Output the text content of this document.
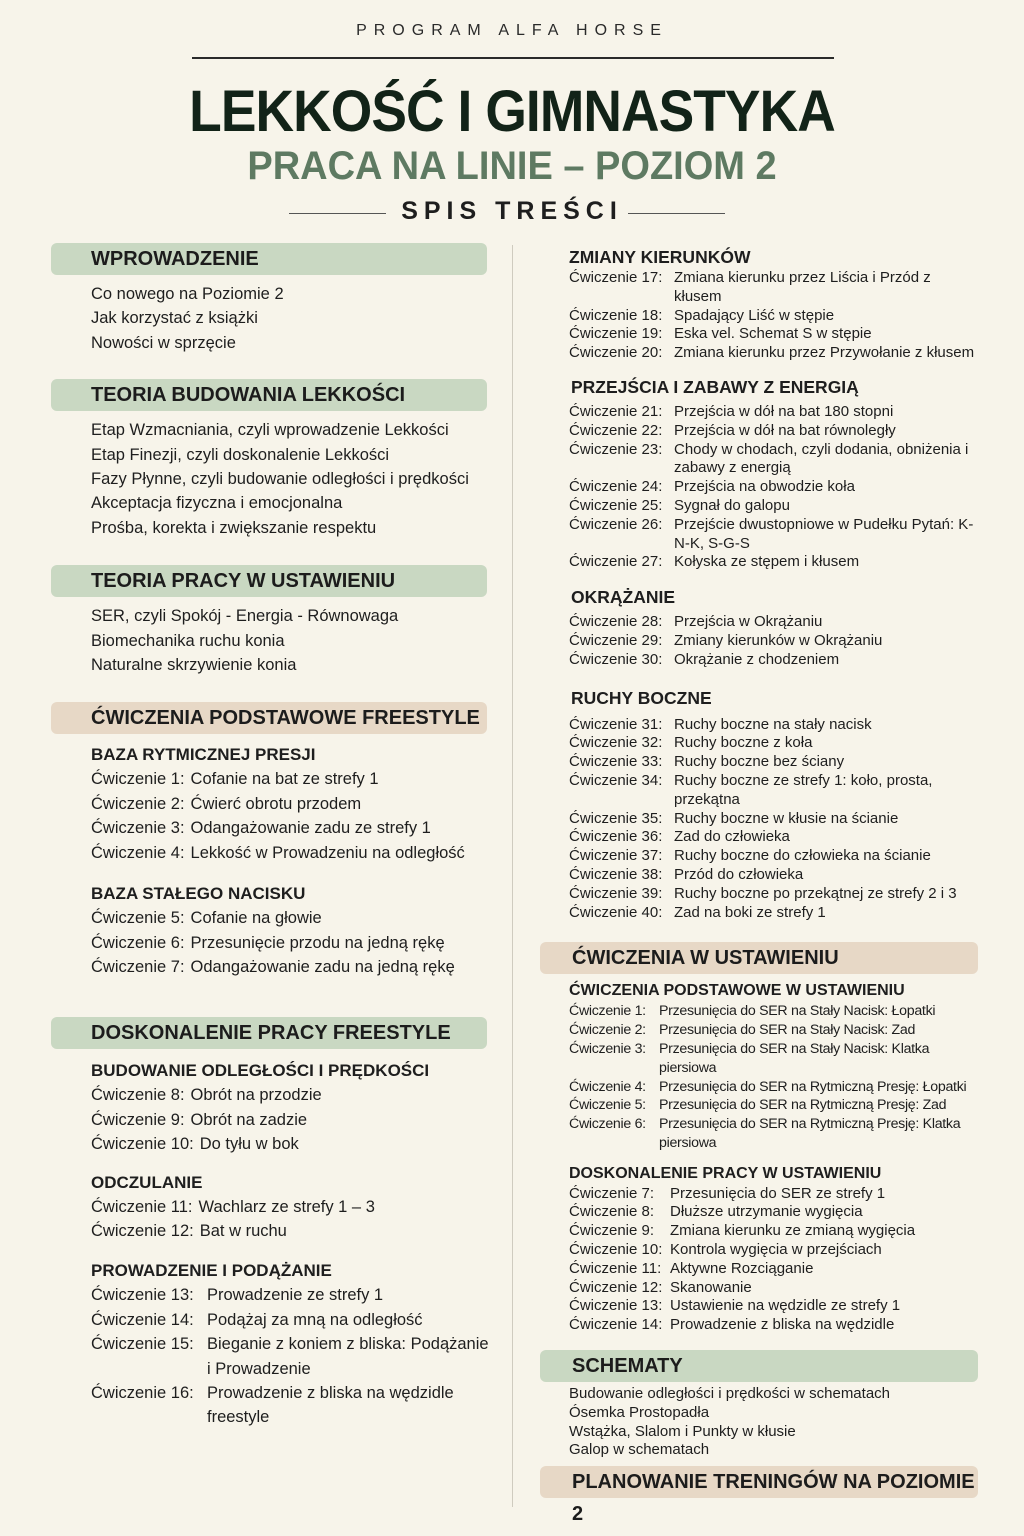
PROGRAM ALFA HORSE
LEKKOŚĆ I GIMNASTYKA
PRACA NA LINIE – POZIOM 2
SPIS TREŚCI
WPROWADZENIE
Co nowego na Poziomie 2
Jak korzystać z książki
Nowości w sprzęcie
TEORIA BUDOWANIA LEKKOŚCI
Etap Wzmacniania, czyli wprowadzenie Lekkości
Etap Finezji, czyli doskonalenie Lekkości
Fazy Płynne, czyli budowanie odległości i prędkości
Akceptacja fizyczna i emocjonalna
Prośba, korekta i zwiększanie respektu
TEORIA PRACY W USTAWIENIU
SER, czyli Spokój - Energia - Równowaga
Biomechanika ruchu konia
Naturalne skrzywienie konia
ĆWICZENIA PODSTAWOWE FREESTYLE
BAZA RYTMICZNEJ PRESJI
Ćwiczenie 1: Cofanie na bat ze strefy 1
Ćwiczenie 2: Ćwierć obrotu przodem
Ćwiczenie 3: Odangażowanie zadu ze strefy 1
Ćwiczenie 4: Lekkość w Prowadzeniu na odległość
BAZA STAŁEGO NACISKU
Ćwiczenie 5: Cofanie na głowie
Ćwiczenie 6: Przesunięcie przodu na jedną rękę
Ćwiczenie 7: Odangażowanie zadu na jedną rękę
DOSKONALENIE PRACY FREESTYLE
BUDOWANIE ODLEGŁOŚCI I PRĘDKOŚCI
Ćwiczenie 8: Obrót na przodzie
Ćwiczenie 9: Obrót na zadzie
Ćwiczenie 10: Do tyłu w bok
ODCZULANIE
Ćwiczenie 11: Wachlarz ze strefy 1 – 3
Ćwiczenie 12: Bat w ruchu
PROWADZENIE I PODĄŻANIE
Ćwiczenie 13: Prowadzenie ze strefy 1
Ćwiczenie 14: Podążaj za mną na odległość
Ćwiczenie 15: Bieganie z koniem z bliska: Podążanie i Prowadzenie
Ćwiczenie 16: Prowadzenie z bliska na wędzidle freestyle
ZMIANY KIERUNKÓW
Ćwiczenie 17: Zmiana kierunku przez Liścia i Przód z kłusem
Ćwiczenie 18: Spadający Liść w stępie
Ćwiczenie 19: Eska vel. Schemat S w stępie
Ćwiczenie 20: Zmiana kierunku przez Przywołanie z kłusem
PRZEJŚCIA I ZABAWY Z ENERGIĄ
Ćwiczenie 21: Przejścia w dół na bat 180 stopni
Ćwiczenie 22: Przejścia w dół na bat równoległy
Ćwiczenie 23: Chody w chodach, czyli dodania, obniżenia i zabawy z energią
Ćwiczenie 24: Przejścia na obwodzie koła
Ćwiczenie 25: Sygnał do galopu
Ćwiczenie 26: Przejście dwustopniowe w Pudełku Pytań: K-N-K, S-G-S
Ćwiczenie 27: Kołyska ze stępem i kłusem
OKRĄŻANIE
Ćwiczenie 28: Przejścia w Okrążaniu
Ćwiczenie 29: Zmiany kierunków w Okrążaniu
Ćwiczenie 30: Okrążanie z chodzeniem
RUCHY BOCZNE
Ćwiczenie 31: Ruchy boczne na stały nacisk
Ćwiczenie 32: Ruchy boczne z koła
Ćwiczenie 33: Ruchy boczne bez ściany
Ćwiczenie 34: Ruchy boczne ze strefy 1: koło, prosta, przekątna
Ćwiczenie 35: Ruchy boczne w kłusie na ścianie
Ćwiczenie 36: Zad do człowieka
Ćwiczenie 37: Ruchy boczne do człowieka na ścianie
Ćwiczenie 38: Przód do człowieka
Ćwiczenie 39: Ruchy boczne po przekątnej ze strefy 2 i 3
Ćwiczenie 40: Zad na boki ze strefy 1
ĆWICZENIA W USTAWIENIU
ĆWICZENIA PODSTAWOWE W USTAWIENIU
Ćwiczenie 1: Przesunięcia do SER na Stały Nacisk: Łopatki
Ćwiczenie 2: Przesunięcia do SER na Stały Nacisk: Zad
Ćwiczenie 3: Przesunięcia do SER na Stały Nacisk: Klatka piersiowa
Ćwiczenie 4: Przesunięcia do SER na Rytmiczną Presję: Łopatki
Ćwiczenie 5: Przesunięcia do SER na Rytmiczną Presję: Zad
Ćwiczenie 6: Przesunięcia do SER na Rytmiczną Presję: Klatka piersiowa
DOSKONALENIE PRACY W USTAWIENIU
Ćwiczenie 7:	Przesunięcia do SER ze strefy 1
Ćwiczenie 8:	Dłuższe utrzymanie wygięcia
Ćwiczenie 9:	Zmiana kierunku ze zmianą wygięcia
Ćwiczenie 10: Kontrola wygięcia w przejściach
Ćwiczenie 11: Aktywne Rozciąganie
Ćwiczenie 12: Skanowanie
Ćwiczenie 13: Ustawienie na wędzidle ze strefy 1
Ćwiczenie 14: Prowadzenie z bliska na wędzidle
SCHEMATY
Budowanie odległości i prędkości w schematach
Ósemka Prostopadła
Wstążka, Slalom i Punkty w kłusie
Galop w schematach
PLANOWANIE TRENINGÓW NA POZIOMIE 2
